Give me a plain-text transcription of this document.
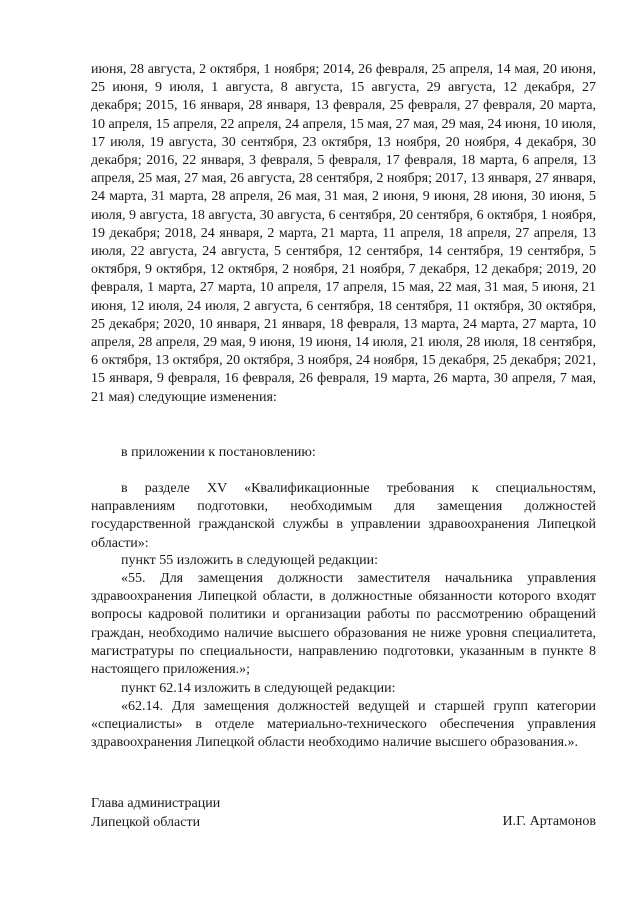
июня, 28 августа, 2 октября, 1 ноября; 2014, 26 февраля, 25 апреля, 14 мая, 20 июня, 25 июня, 9 июля, 1 августа, 8 августа, 15 августа, 29 августа, 12 декабря, 27 декабря; 2015, 16 января, 28 января, 13 февраля, 25 февраля, 27 февраля, 20 марта, 10 апреля, 15 апреля, 22 апреля, 24 апреля, 15 мая, 27 мая, 29 мая, 24 июня, 10 июля, 17 июля, 19 августа, 30 сентября, 23 октября, 13 ноября, 20 ноября, 4 декабря, 30 декабря; 2016, 22 января, 3 февраля, 5 февраля, 17 февраля, 18 марта, 6 апреля, 13 апреля, 25 мая, 27 мая, 26 августа, 28 сентября, 2 ноября; 2017, 13 января, 27 января, 24 марта, 31 марта, 28 апреля, 26 мая, 31 мая, 2 июня, 9 июня, 28 июня, 30 июня, 5 июля, 9 августа, 18 августа, 30 августа, 6 сентября, 20 сентября, 6 октября, 1 ноября, 19 декабря; 2018, 24 января, 2 марта, 21 марта, 11 апреля, 18 апреля, 27 апреля, 13 июля, 22 августа, 24 августа, 5 сентября, 12 сентября, 14 сентября, 19 сентября, 5 октября, 9 октября, 12 октября, 2 ноября, 21 ноября, 7 декабря, 12 декабря; 2019, 20 февраля, 1 марта, 27 марта, 10 апреля, 17 апреля, 15 мая, 22 мая, 31 мая, 5 июня, 21 июня, 12 июля, 24 июля, 2 августа, 6 сентября, 18 сентября, 11 октября, 30 октября, 25 декабря; 2020, 10 января, 21 января, 18 февраля, 13 марта, 24 марта, 27 марта, 10 апреля, 28 апреля, 29 мая, 9 июня, 19 июня, 14 июля, 21 июля, 28 июля, 18 сентября, 6 октября, 13 октября, 20 октября, 3 ноября, 24 ноября, 15 декабря, 25 декабря; 2021, 15 января, 9 февраля, 16 февраля, 26 февраля, 19 марта, 26 марта, 30 апреля, 7 мая, 21 мая) следующие изменения:

в приложении к постановлению:

в разделе XV «Квалификационные требования к специальностям, направлениям подготовки, необходимым для замещения должностей государственной гражданской службы в управлении здравоохранения Липецкой области»:

пункт 55 изложить в следующей редакции:

«55. Для замещения должности заместителя начальника управления здравоохранения Липецкой области, в должностные обязанности которого входят вопросы кадровой политики и организации работы по рассмотрению обращений граждан, необходимо наличие высшего образования не ниже уровня специалитета, магистратуры по специальности, направлению подготовки, указанным в пункте 8 настоящего приложения.»;

пункт 62.14 изложить в следующей редакции:

«62.14. Для замещения должностей ведущей и старшей групп категории «специалисты» в отделе материально-технического обеспечения управления здравоохранения Липецкой области необходимо наличие высшего образования.».

Глава администрации
Липецкой области	И.Г. Артамонов
